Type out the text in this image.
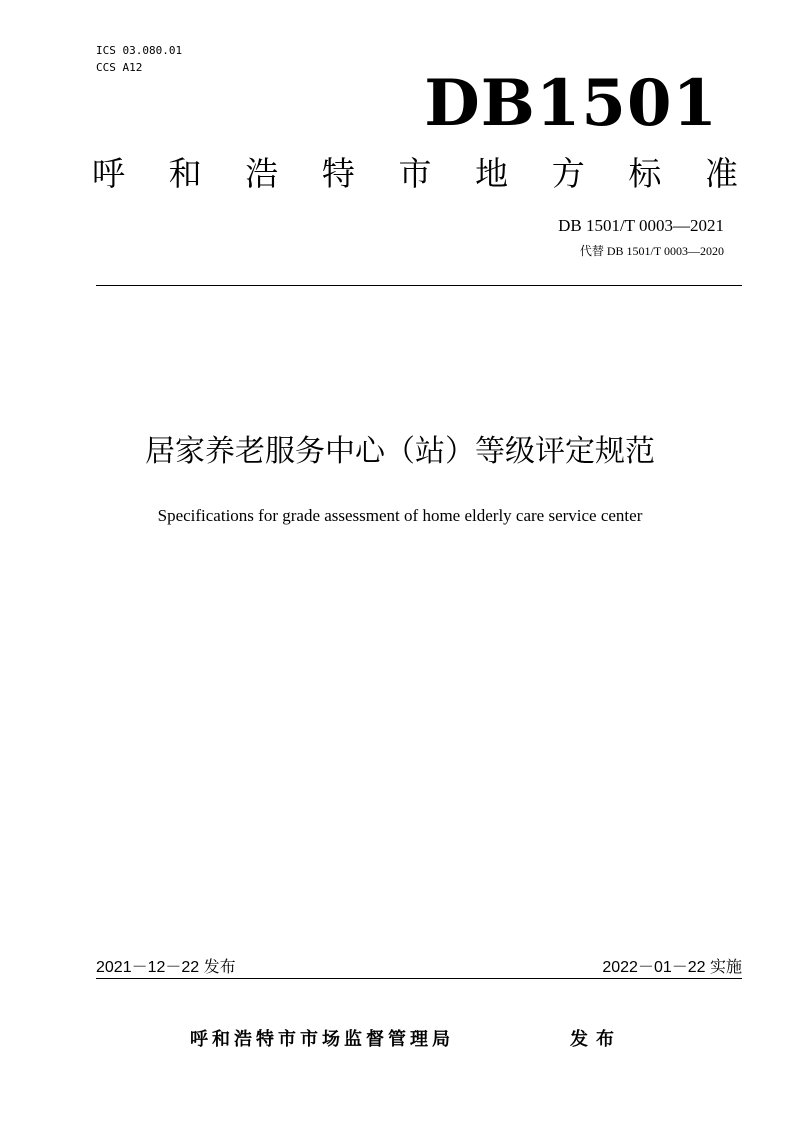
ICS 03.080.01
CCS A12	DB1501
呼 和 浩 特 市 地 方 标 准
DB 1501/T 0003—2021
代替 DB 1501/T 0003—2020
居家养老服务中心（站）等级评定规范
Specifications for grade assessment of home elderly care service center
2021－12－22 发布	2022－01－22 实施
呼和浩特市市场监督管理局	发布
